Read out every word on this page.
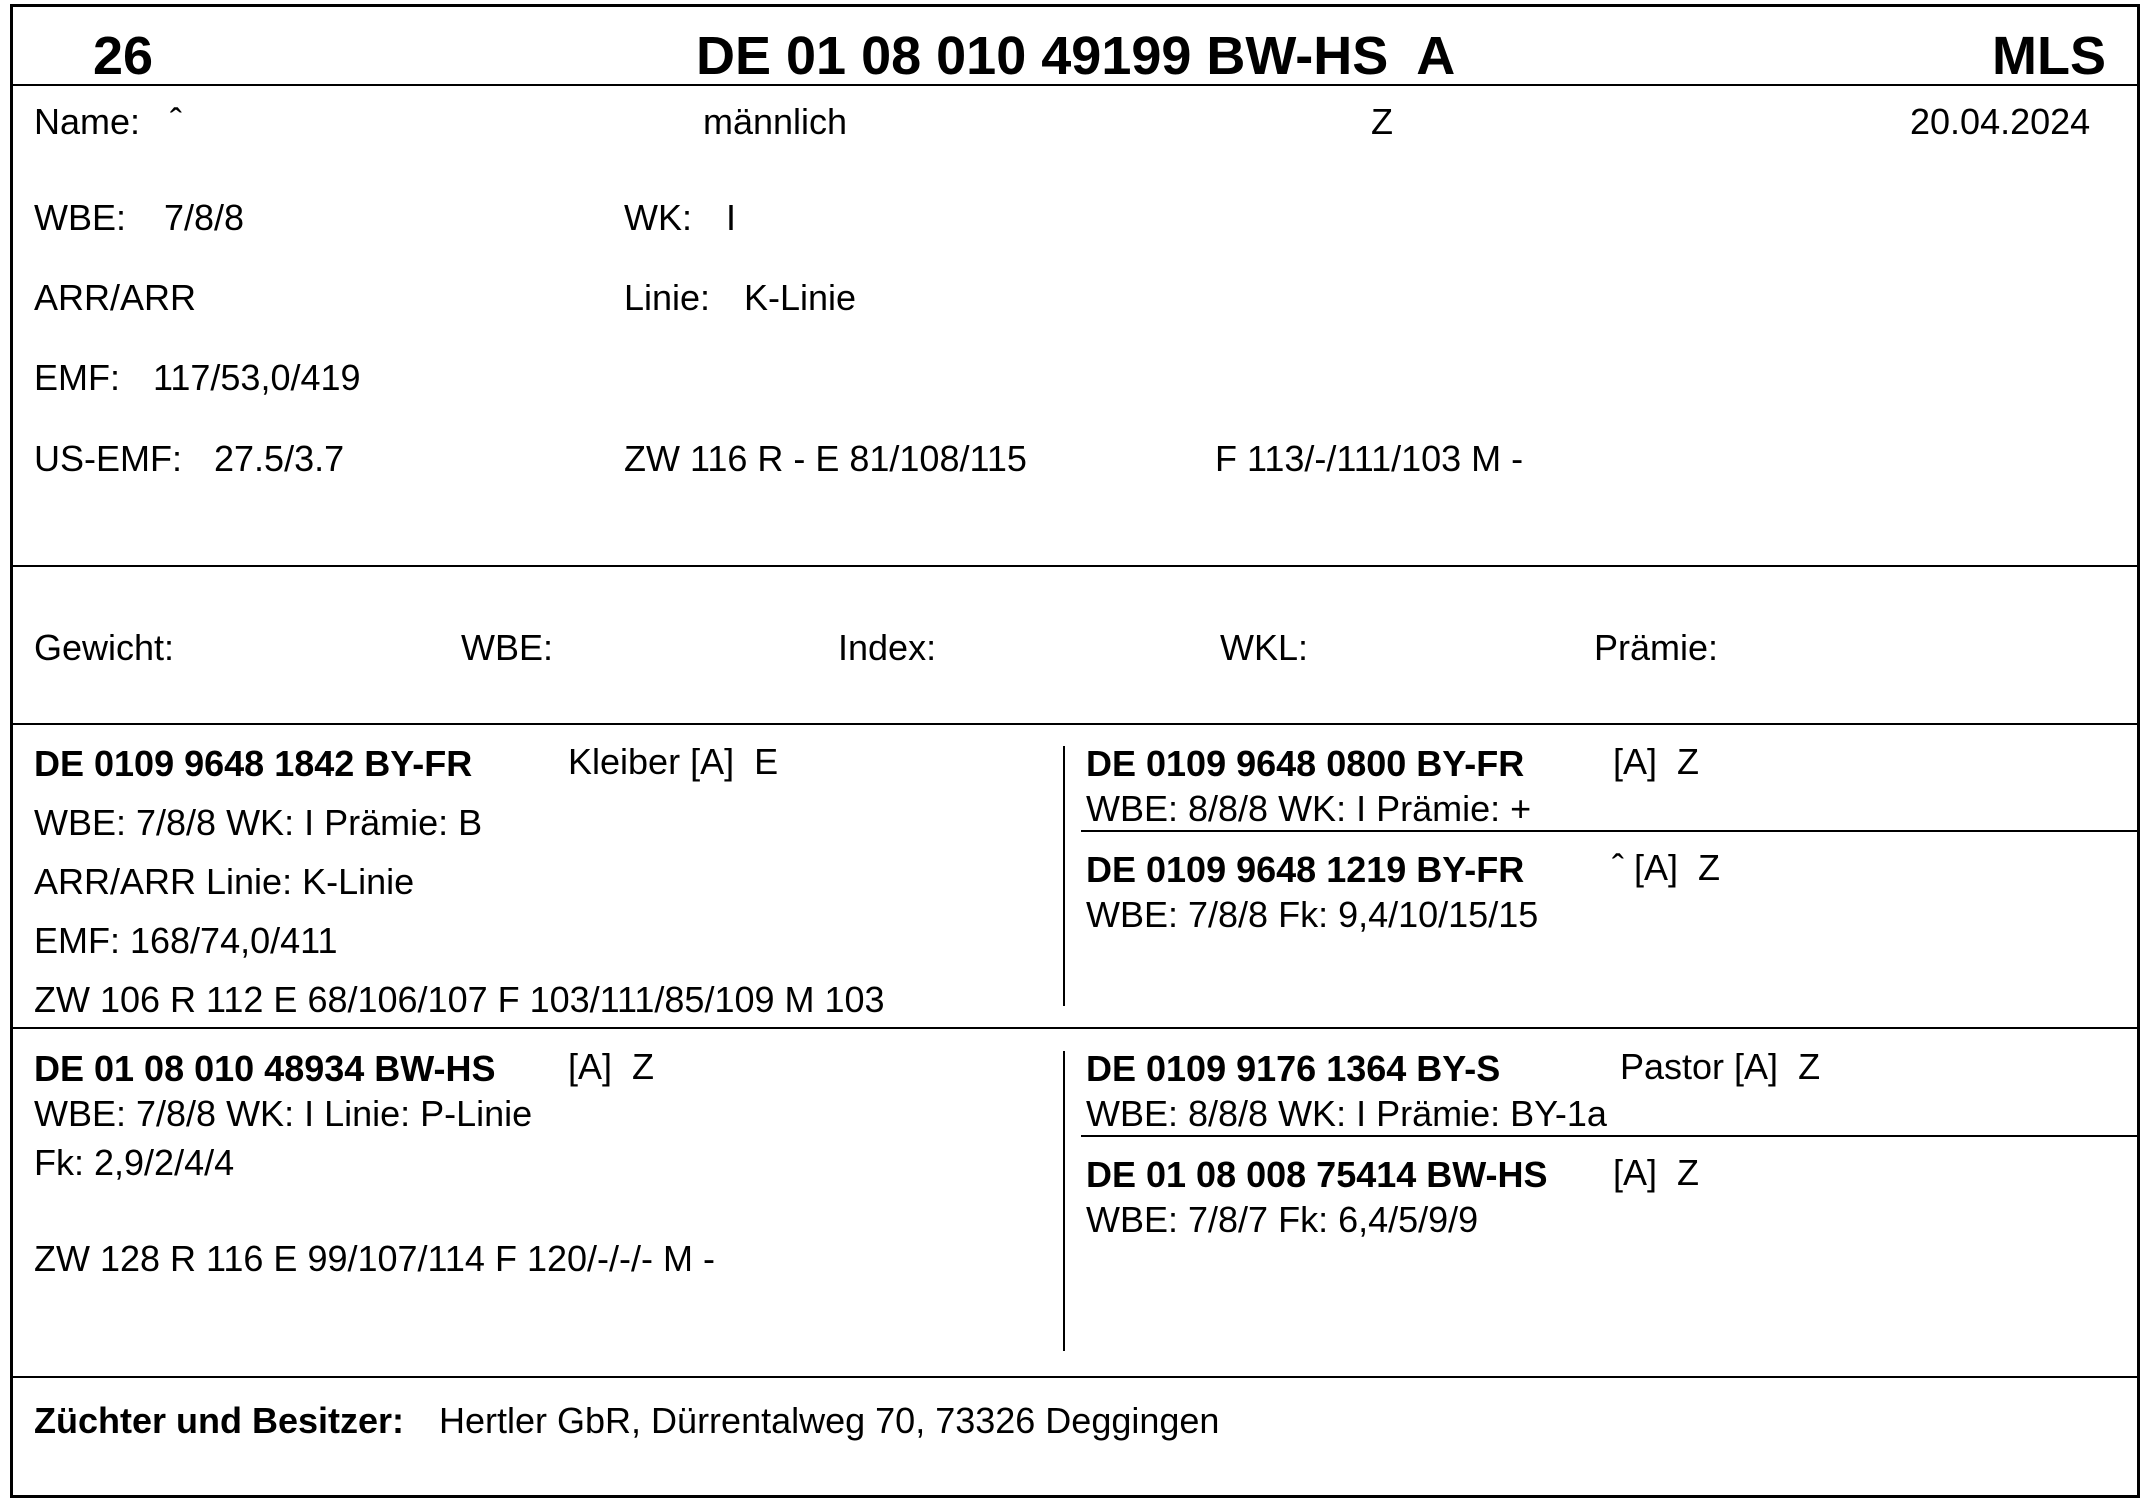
26	DE 01 08 010 49199 BW-HS  A	MLS
Name: ˆ	männlich	Z	20.04.2024
WBE: 7/8/8	WK: I
ARR/ARR	Linie: K-Linie
EMF: 117/53,0/419
US-EMF: 27.5/3.7	ZW 116 R - E 81/108/115	F 113/-/111/103 M -
Gewicht:	WBE:	Index:	WKL:	Prämie:
DE 0109 9648 1842 BY-FR	Kleiber [A]  E
WBE: 7/8/8 WK: I Prämie: B
ARR/ARR Linie: K-Linie
EMF: 168/74,0/411
ZW 106 R 112 E 68/106/107 F 103/111/85/109 M 103
DE 0109 9648 0800 BY-FR [A]  Z
WBE: 8/8/8 WK: I Prämie: +
DE 0109 9648 1219 BY-FR ˆ [A]  Z
WBE: 7/8/8 Fk: 9,4/10/15/15
DE 01 08 010 48934 BW-HS [A]  Z
WBE: 7/8/8 WK: I Linie: P-Linie
Fk: 2,9/2/4/4
ZW 128 R 116 E 99/107/114 F 120/-/-/- M -
DE 0109 9176 1364 BY-S	Pastor [A]  Z
WBE: 8/8/8 WK: I Prämie: BY-1a
DE 01 08 008 75414 BW-HS [A]  Z
WBE: 7/8/7 Fk: 6,4/5/9/9
Züchter und Besitzer: Hertler GbR, Dürrentalweg 70, 73326 Deggingen
